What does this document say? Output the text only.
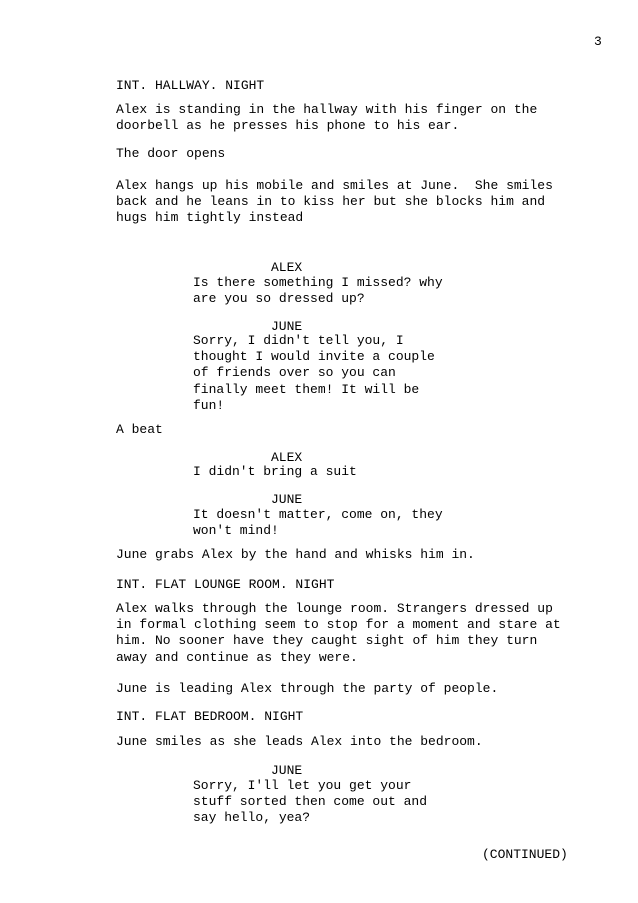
3
INT. HALLWAY. NIGHT
Alex is standing in the hallway with his finger on the
doorbell as he presses his phone to his ear.
The door opens
Alex hangs up his mobile and smiles at June.  She smiles
back and he leans in to kiss her but she blocks him and
hugs him tightly instead
ALEX
Is there something I missed? why
are you so dressed up?
JUNE
Sorry, I didn't tell you, I
thought I would invite a couple
of friends over so you can
finally meet them! It will be
fun!
A beat
ALEX
I didn't bring a suit
JUNE
It doesn't matter, come on, they
won't mind!
June grabs Alex by the hand and whisks him in.
INT. FLAT LOUNGE ROOM. NIGHT
Alex walks through the lounge room. Strangers dressed up
in formal clothing seem to stop for a moment and stare at
him. No sooner have they caught sight of him they turn
away and continue as they were.
June is leading Alex through the party of people.
INT. FLAT BEDROOM. NIGHT
June smiles as she leads Alex into the bedroom.
JUNE
Sorry, I'll let you get your
stuff sorted then come out and
say hello, yea?
(CONTINUED)
